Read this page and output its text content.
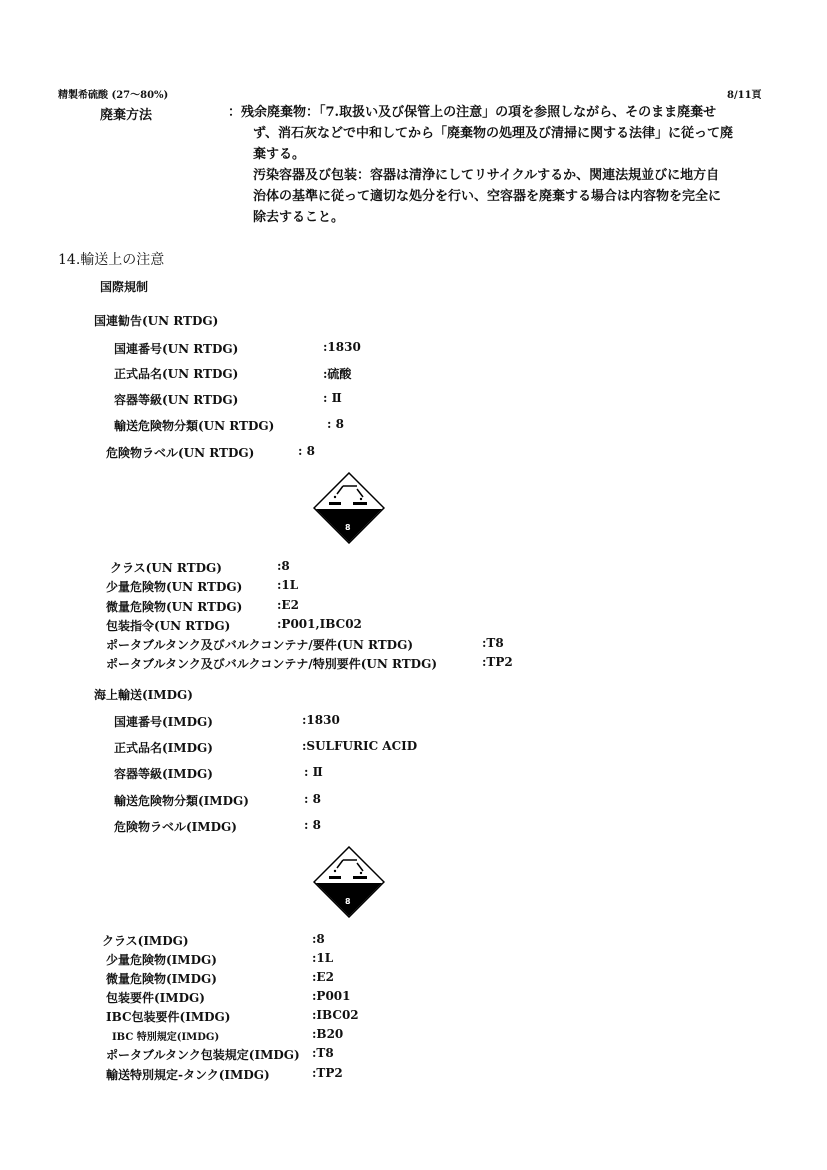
精製希硫酸 (27～80%)	8/11頁
廃棄方法	：残余廃棄物：「7.取扱い及び保管上の注意」の項を参照しながら、そのまま廃棄せ

ず、消石灰などで中和してから「廃棄物の処理及び清掃に関する法律」に従って廃

棄する。

汚染容器及び包装：容器は清浄にしてリサイクルするか、関連法規並びに地方自

治体の基準に従って適切な処分を行い、空容器を廃棄する場合は内容物を完全に

除去すること。

14.輸送上の注意
国際規制
国連勧告(UN RTDG)
国連番号(UN RTDG)	:1830
正式品名(UN RTDG)	:硫酸
容器等級(UN RTDG)	: Ⅱ
輸送危険物分類(UN RTDG)	: 8
危険物ラベル(UN RTDG)	: 8
8
クラス(UN RTDG)	:8
少量危険物(UN RTDG)	:1L
微量危険物(UN RTDG)	:E2
包装指令(UN RTDG)	:P001,IBC02
ポータブルタンク及びバルクコンテナ/要件(UN RTDG)	:T8
ポータブルタンク及びバルクコンテナ/特別要件(UN RTDG)	:TP2
海上輸送(IMDG)
国連番号(IMDG)	:1830
正式品名(IMDG)	:SULFURIC ACID
容器等級(IMDG)	: Ⅱ
輸送危険物分類(IMDG)	: 8
危険物ラベル(IMDG)	: 8
8
クラス(IMDG)	:8
少量危険物(IMDG)	:1L
微量危険物(IMDG)	:E2
包装要件(IMDG)	:P001
IBC包装要件(IMDG)	:IBC02
IBC 特別規定(IMDG)	:B20
ポータブルタンク包装規定(IMDG) :T8
輸送特別規定-タンク(IMDG)	:TP2
